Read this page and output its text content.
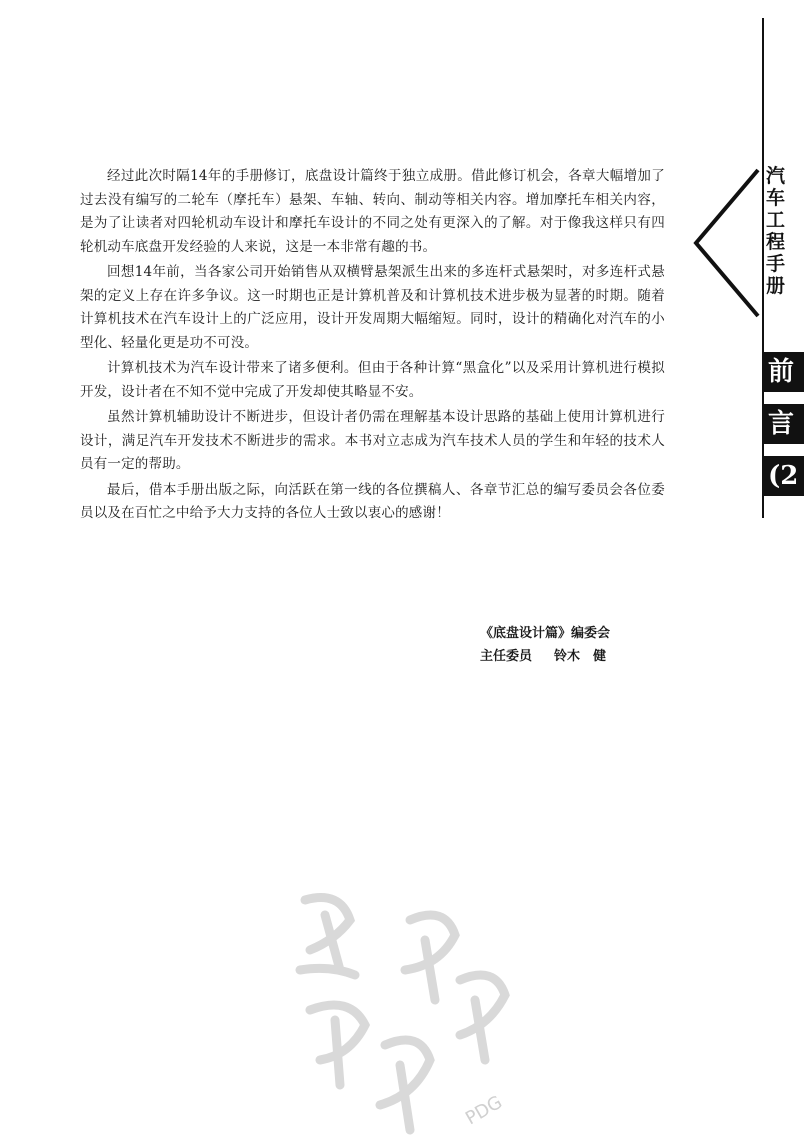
经过此次时隔14年的手册修订，底盘设计篇终于独立成册。借此修订机会，各章大幅增加了过去没有编写的二轮车（摩托车）悬架、车轴、转向、制动等相关内容。增加摩托车相关内容，是为了让读者对四轮机动车设计和摩托车设计的不同之处有更深入的了解。对于像我这样只有四轮机动车底盘开发经验的人来说，这是一本非常有趣的书。

回想14年前，当各家公司开始销售从双横臂悬架派生出来的多连杆式悬架时，对多连杆式悬架的定义上存在许多争议。这一时期也正是计算机普及和计算机技术进步极为显著的时期。随着计算机技术在汽车设计上的广泛应用，设计开发周期大幅缩短。同时，设计的精确化对汽车的小型化、轻量化更是功不可没。

计算机技术为汽车设计带来了诸多便利。但由于各种计算“黑盒化”以及采用计算机进行模拟开发，设计者在不知不觉中完成了开发却使其略显不安。

虽然计算机辅助设计不断进步，但设计者仍需在理解基本设计思路的基础上使用计算机进行设计，满足汽车开发技术不断进步的需求。本书对立志成为汽车技术人员的学生和年轻的技术人员有一定的帮助。

最后，借本手册出版之际，向活跃在第一线的各位撰稿人、各章节汇总的编写委员会各位委员以及在百忙之中给予大力支持的各位人士致以衷心的感谢！

《底盘设计篇》编委会
主任委员 铃木　健
汽
车
工
程
手
册
前
言
(2
PDG
